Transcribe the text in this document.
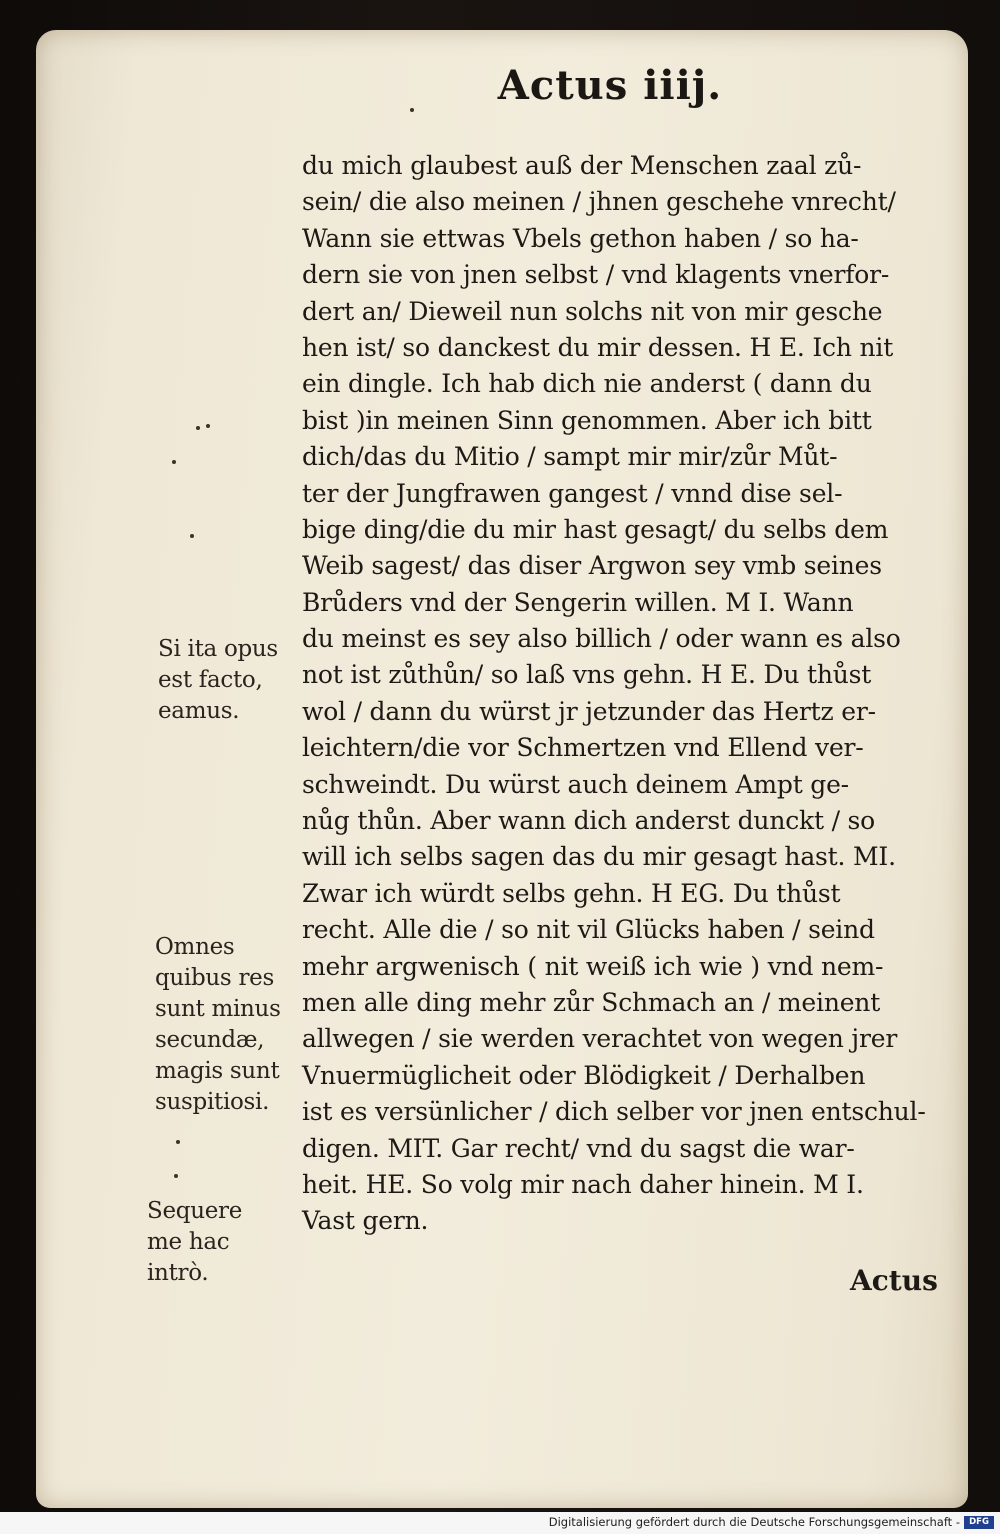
Actus iiij.
du mich glaubest auß der Menschen zaal zů-
sein/ die also meinen / jhnen geschehe vnrecht/
Wann sie ettwas Vbels gethon haben / so ha-
dern sie von jnen selbst / vnd klagents vnerfor-
dert an/ Dieweil nun solchs nit von mir gesche
hen ist/ so danckest du mir dessen. H E. Ich nit
ein dingle. Ich hab dich nie anderst ( dann du
bist )in meinen Sinn genommen. Aber ich bitt
dich/das du Mitio / sampt mir mir/zůr Můt-
ter der Jungfrawen gangest / vnnd dise sel-
bige ding/die du mir hast gesagt/ du selbs dem
Weib sagest/ das diser Argwon sey vmb seines
Brůders vnd der Sengerin willen. M I. Wann
du meinst es sey also billich / oder wann es also
not ist zůthůn/ so laß vns gehn. H E. Du thůst
wol / dann du würst jr jetzunder das Hertz er-
leichtern/die vor Schmertzen vnd Ellend ver-
schweindt. Du würst auch deinem Ampt ge-
nůg thůn. Aber wann dich anderst dunckt / so
will ich selbs sagen das du mir gesagt hast. MI.
Zwar ich würdt selbs gehn. H EG. Du thůst
recht. Alle die / so nit vil Glücks haben / seind
mehr argwenisch ( nit weiß ich wie ) vnd nem-
men alle ding mehr zůr Schmach an / meinent
allwegen / sie werden verachtet von wegen jrer
Vnuermüglicheit oder Blödigkeit / Derhalben
ist es versünlicher / dich selber vor jnen entschul-
digen. MIT. Gar recht/ vnd du sagst die war-
heit. HE. So volg mir nach daher hinein. M I.
Vast gern.
Actus
Si ita opus
est facto,
eamus.
Omnes
quibus res
sunt minus
secundæ,
magis sunt
suspitiosi.
Sequere
me hac
intrò.
Digitalisierung gefördert durch die Deutsche Forschungsgemeinschaft -	DFG
